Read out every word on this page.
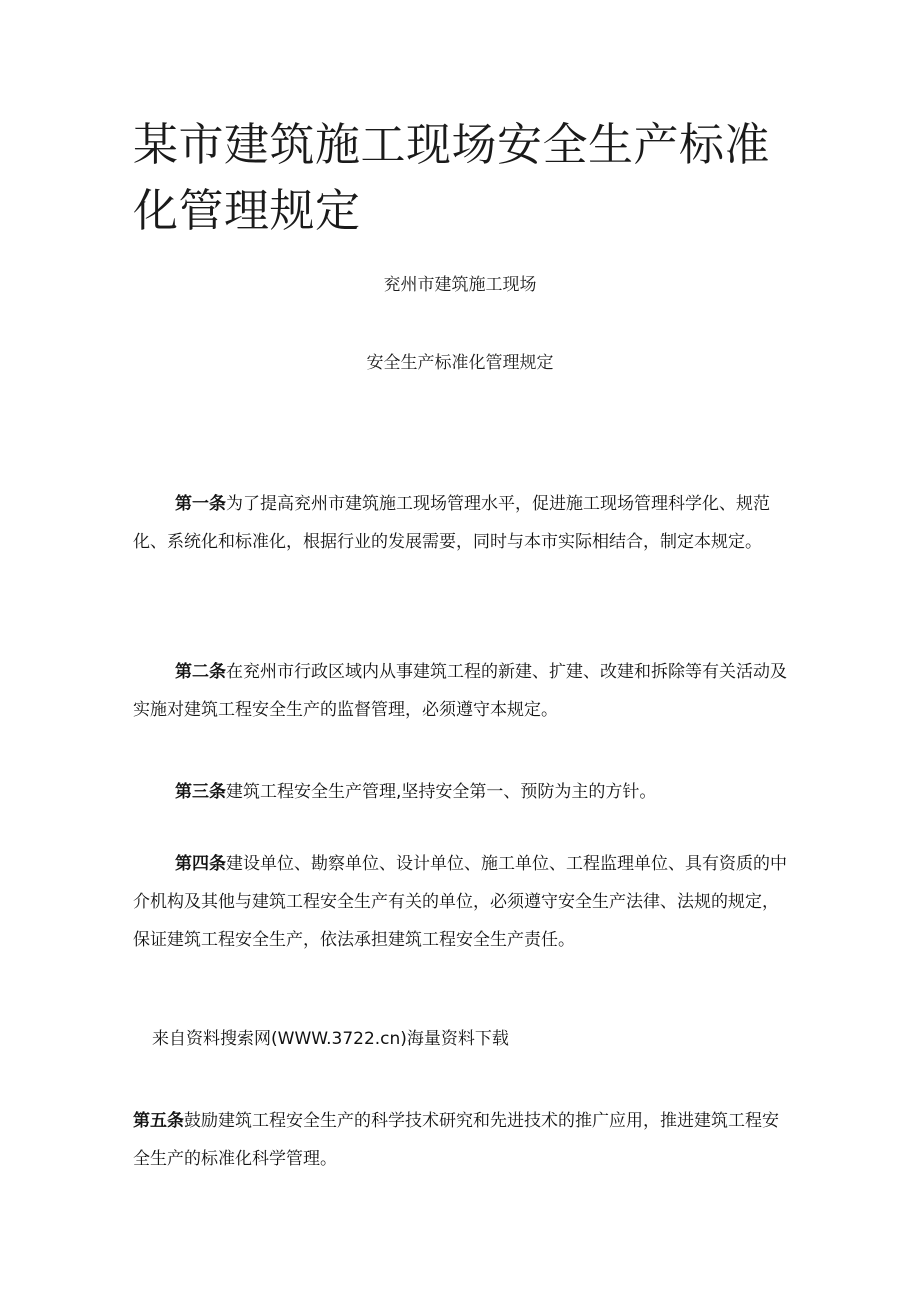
某市建筑施工现场安全生产标准化管理规定
兖州市建筑施工现场
安全生产标准化管理规定

第一条为了提高兖州市建筑施工现场管理水平，促进施工现场管理科学化、规范化、系统化和标准化，根据行业的发展需要，同时与本市实际相结合，制定本规定。

第二条在兖州市行政区域内从事建筑工程的新建、扩建、改建和拆除等有关活动及实施对建筑工程安全生产的监督管理，必须遵守本规定。

第三条建筑工程安全生产管理,坚持安全第一、预防为主的方针。

第四条建设单位、勘察单位、设计单位、施工单位、工程监理单位、具有资质的中介机构及其他与建筑工程安全生产有关的单位，必须遵守安全生产法律、法规的规定，保证建筑工程安全生产，依法承担建筑工程安全生产责任。

来自资料搜索网(WWW.3722.cn)海量资料下载

第五条鼓励建筑工程安全生产的科学技术研究和先进技术的推广应用，推进建筑工程安全生产的标准化科学管理。
